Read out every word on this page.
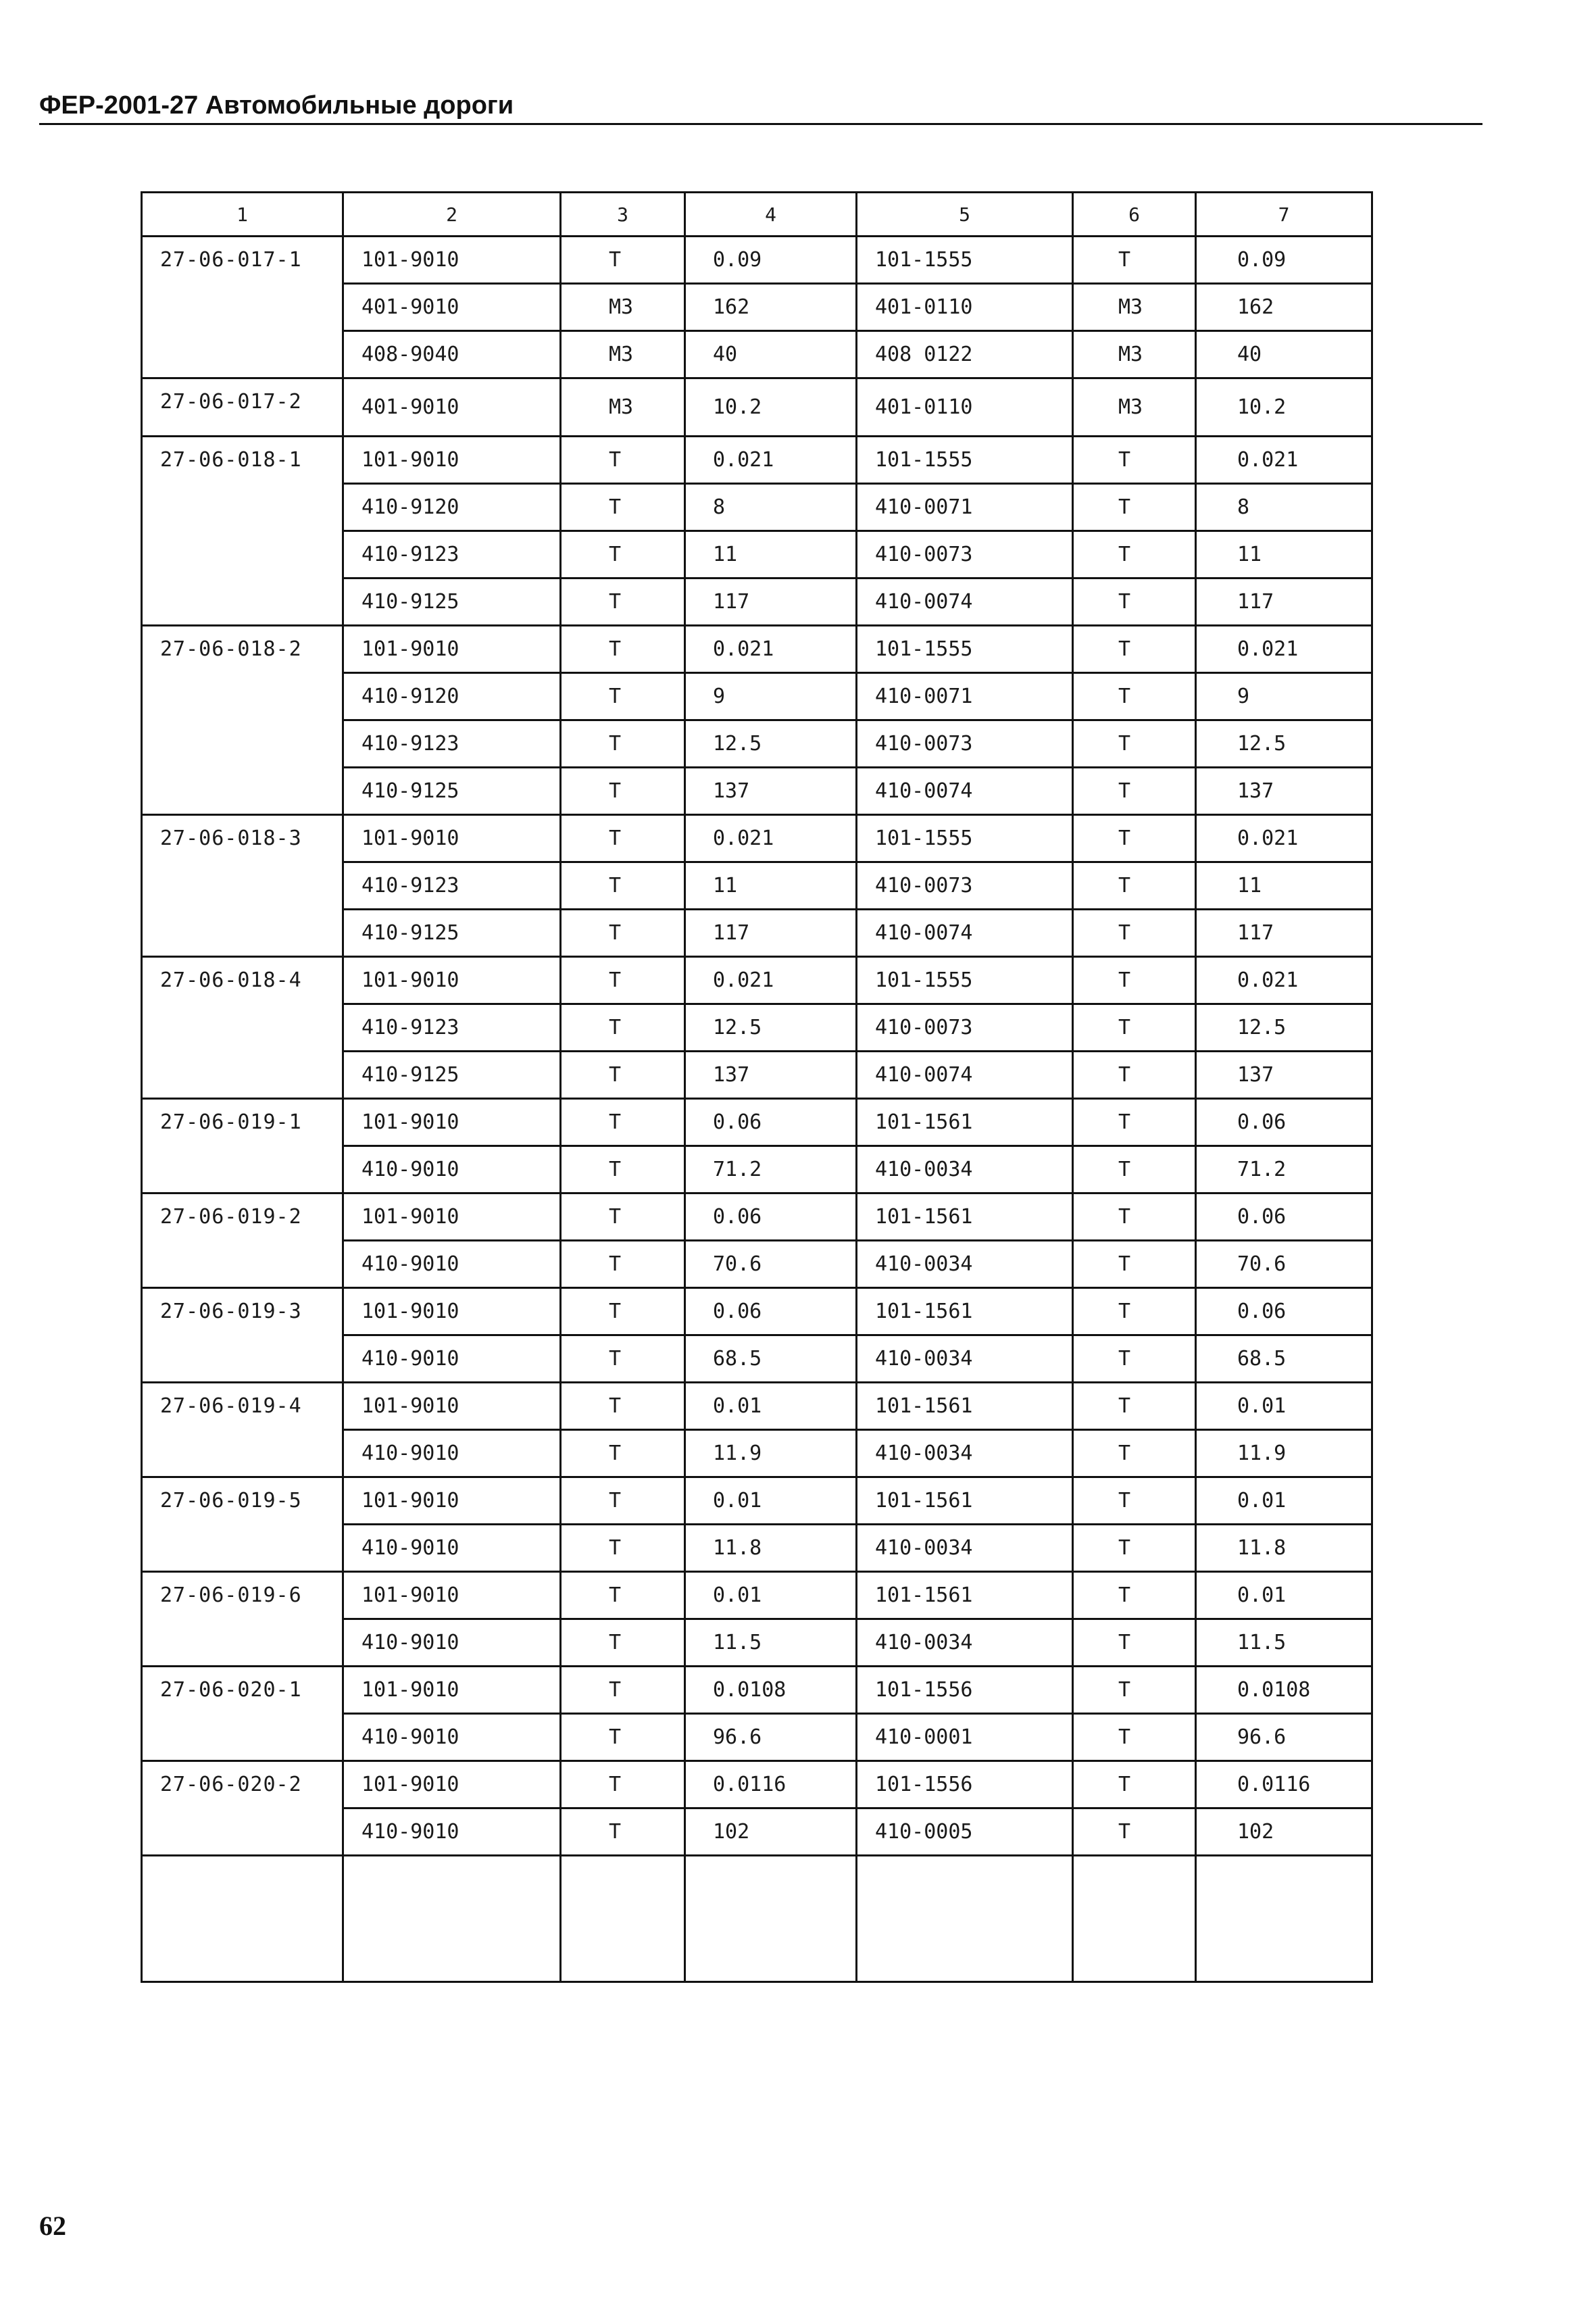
ФЕР-2001-27 Автомобильные дороги
1	2	3	4	5	6	7
27-06-017-1	101-9010	Т	0.09	101-1555	Т	0.09
	401-9010	М3	162	401-0110	М3	162
	408-9040	М3	40	408 0122	М3	40
27-06-017-2	401-9010	М3	10.2	401-0110	М3	10.2
27-06-018-1	101-9010	Т	0.021	101-1555	Т	0.021
	410-9120	Т	8	410-0071	Т	8
	410-9123	Т	11	410-0073	Т	11
	410-9125	Т	117	410-0074	Т	117
27-06-018-2	101-9010	Т	0.021	101-1555	Т	0.021
	410-9120	Т	9	410-0071	Т	9
	410-9123	Т	12.5	410-0073	Т	12.5
	410-9125	Т	137	410-0074	Т	137
27-06-018-3	101-9010	Т	0.021	101-1555	Т	0.021
	410-9123	Т	11	410-0073	Т	11
	410-9125	Т	117	410-0074	Т	117
27-06-018-4	101-9010	Т	0.021	101-1555	Т	0.021
	410-9123	Т	12.5	410-0073	Т	12.5
	410-9125	Т	137	410-0074	Т	137
27-06-019-1	101-9010	Т	0.06	101-1561	Т	0.06
	410-9010	Т	71.2	410-0034	Т	71.2
27-06-019-2	101-9010	Т	0.06	101-1561	Т	0.06
	410-9010	Т	70.6	410-0034	Т	70.6
27-06-019-3	101-9010	Т	0.06	101-1561	Т	0.06
	410-9010	Т	68.5	410-0034	Т	68.5
27-06-019-4	101-9010	Т	0.01	101-1561	Т	0.01
	410-9010	Т	11.9	410-0034	Т	11.9
27-06-019-5	101-9010	Т	0.01	101-1561	Т	0.01
	410-9010	Т	11.8	410-0034	Т	11.8
27-06-019-6	101-9010	Т	0.01	101-1561	Т	0.01
	410-9010	Т	11.5	410-0034	Т	11.5
27-06-020-1	101-9010	Т	0.0108	101-1556	Т	0.0108
	410-9010	Т	96.6	410-0001	Т	96.6
27-06-020-2	101-9010	Т	0.0116	101-1556	Т	0.0116
	410-9010	Т	102	410-0005	Т	102

62
